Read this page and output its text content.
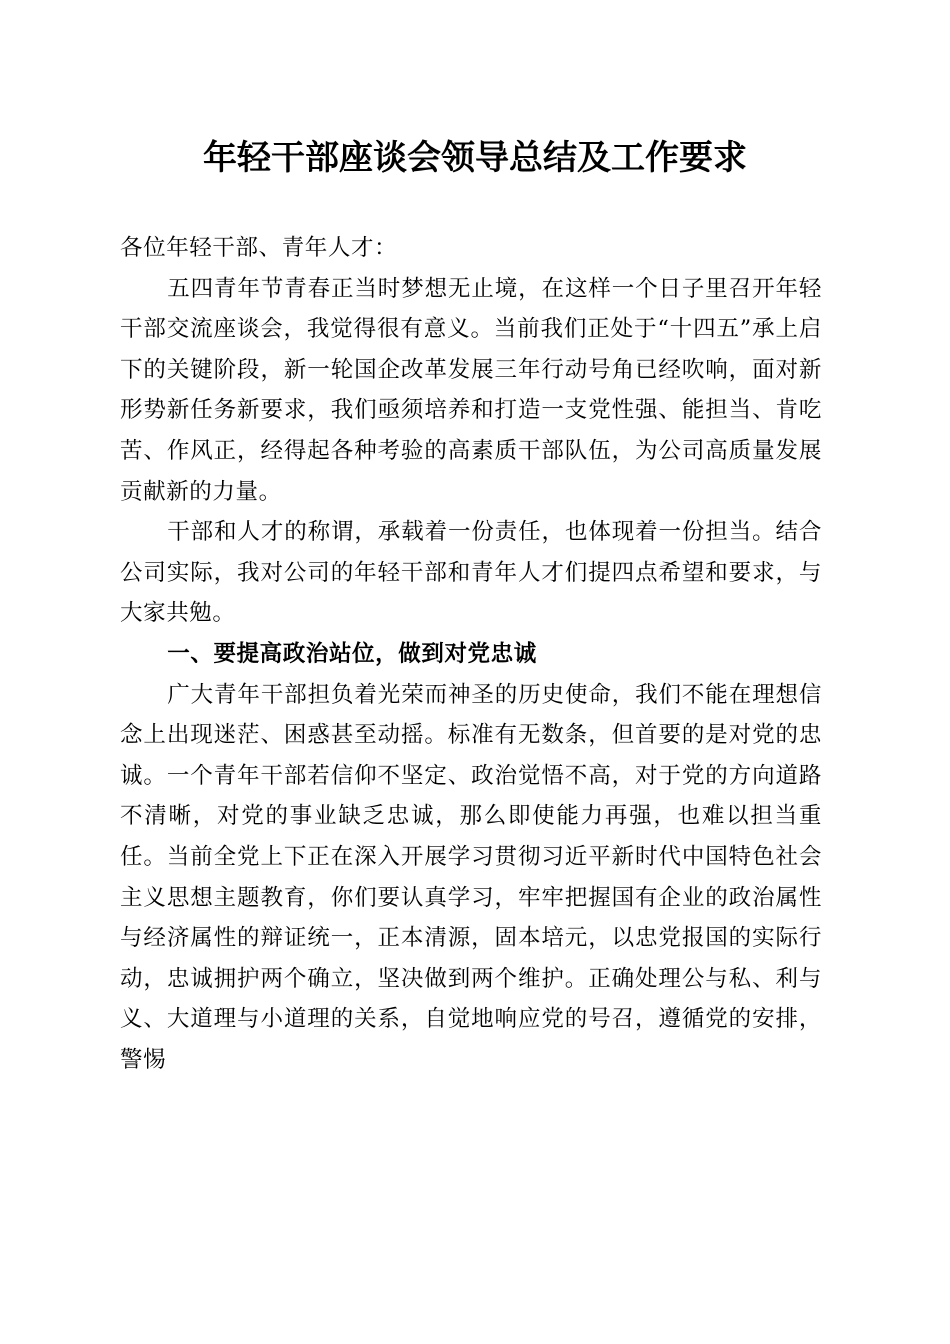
年轻干部座谈会领导总结及工作要求

各位年轻干部、青年人才：

五四青年节青春正当时梦想无止境，在这样一个日子里召开年轻干部交流座谈会，我觉得很有意义。当前我们正处于“十四五”承上启下的关键阶段，新一轮国企改革发展三年行动号角已经吹响，面对新形势新任务新要求，我们亟须培养和打造一支党性强、能担当、肯吃苦、作风正，经得起各种考验的高素质干部队伍，为公司高质量发展贡献新的力量。

干部和人才的称谓，承载着一份责任，也体现着一份担当。结合公司实际，我对公司的年轻干部和青年人才们提四点希望和要求，与大家共勉。

一、要提高政治站位，做到对党忠诚

广大青年干部担负着光荣而神圣的历史使命，我们不能在理想信念上出现迷茫、困惑甚至动摇。标准有无数条，但首要的是对党的忠诚。一个青年干部若信仰不坚定、政治觉悟不高，对于党的方向道路不清晰，对党的事业缺乏忠诚，那么即使能力再强，也难以担当重任。当前全党上下正在深入开展学习贯彻习近平新时代中国特色社会主义思想主题教育，你们要认真学习，牢牢把握国有企业的政治属性与经济属性的辩证统一，正本清源，固本培元，以忠党报国的实际行动，忠诚拥护两个确立，坚决做到两个维护。正确处理公与私、利与义、大道理与小道理的关系，自觉地响应党的号召，遵循党的安排，警惕
